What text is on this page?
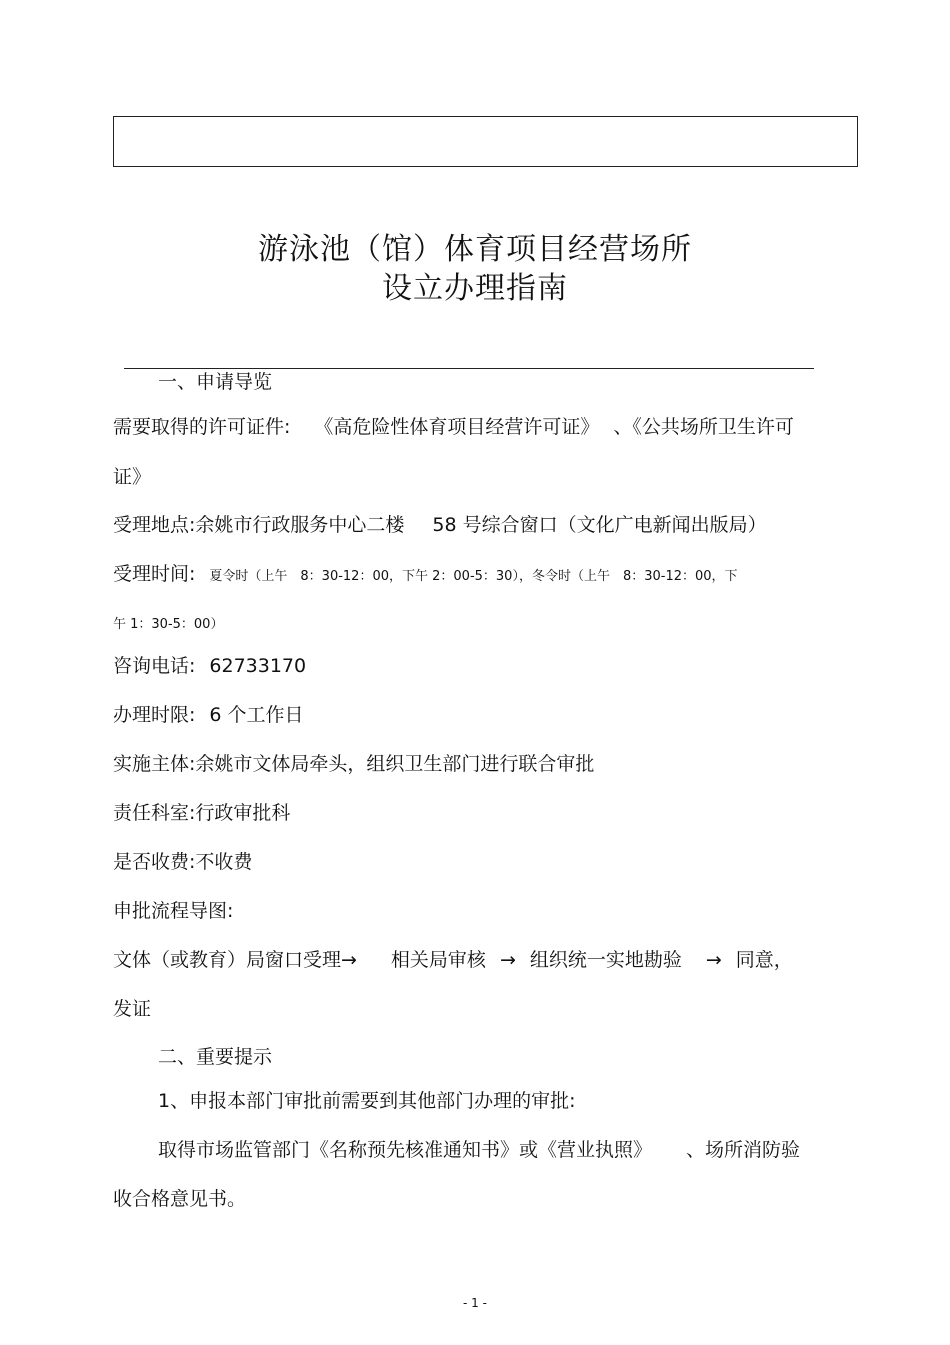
游泳池（馆）体育项目经营场所
设立办理指南
一、申请导览
需要取得的许可证件: 《高危险性体育项目经营许可证》 、《公共场所卫生许可
证》
受理地点:余姚市行政服务中心二楼 58 号综合窗口（文化广电新闻出版局）
受理时间: 夏令时（上午　8：30-12：00，下午 2：00-5：30），冬令时（上午　8：30-12：00，下
午 1：30-5：00）
咨询电话: 62733170
办理时限: 6 个工作日
实施主体:余姚市文体局牵头，组织卫生部门进行联合审批
责任科室:行政审批科
是否收费:不收费
申批流程导图:
文体（或教育）局窗口受理→ 相关局审核 → 组织统一实地勘验 → 同意，
发证
二、重要提示
1、申报本部门审批前需要到其他部门办理的审批:
取得市场监管部门《名称预先核准通知书》或《营业执照》 、场所消防验
收合格意见书。
- 1 -
